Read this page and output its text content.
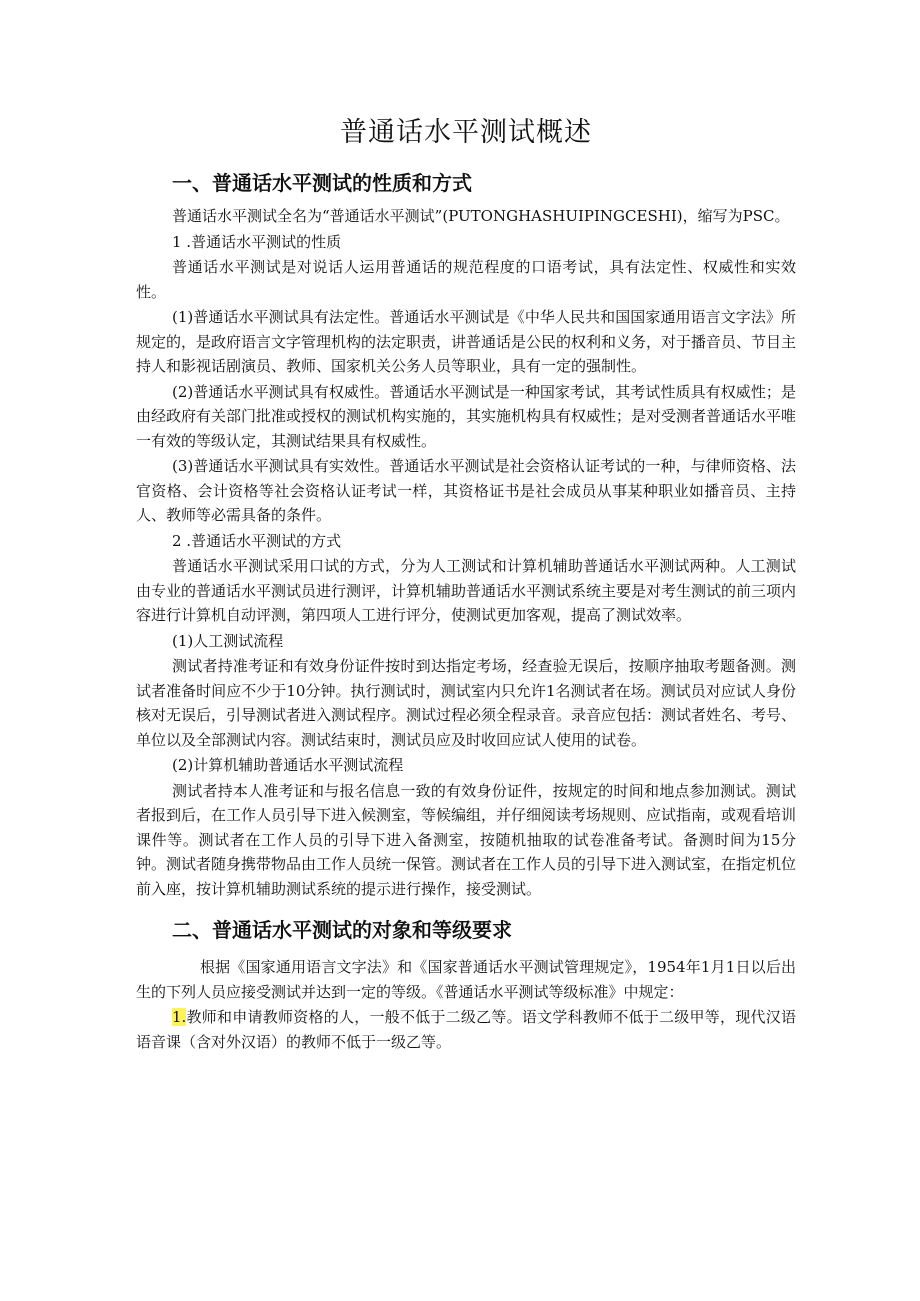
普通话水平测试概述
一、普通话水平测试的性质和方式

普通话水平测试全名为“普通话水平测试”(PUTONGHASHUIPINGCESHI)，缩写为PSC。

1 .普通话水平测试的性质

普通话水平测试是对说话人运用普通话的规范程度的口语考试，具有法定性、权威性和实效性。

(1)普通话水平测试具有法定性。普通话水平测试是《中华人民共和国国家通用语言文字法》所规定的，是政府语言文字管理机构的法定职责，讲普通话是公民的权利和义务，对于播音员、节目主持人和影视话剧演员、教师、国家机关公务人员等职业，具有一定的强制性。

(2)普通话水平测试具有权威性。普通话水平测试是一种国家考试，其考试性质具有权威性；是由经政府有关部门批准或授权的测试机构实施的，其实施机构具有权威性；是对受测者普通话水平唯一有效的等级认定，其测试结果具有权威性。

(3)普通话水平测试具有实效性。普通话水平测试是社会资格认证考试的一种，与律师资格、法官资格、会计资格等社会资格认证考试一样，其资格证书是社会成员从事某种职业如播音员、主持人、教师等必需具备的条件。

2 .普通话水平测试的方式

普通话水平测试采用口试的方式，分为人工测试和计算机辅助普通话水平测试两种。人工测试由专业的普通话水平测试员进行测评，计算机辅助普通话水平测试系统主要是对考生测试的前三项内容进行计算机自动评测，第四项人工进行评分，使测试更加客观，提高了测试效率。

(1)人工测试流程

测试者持准考证和有效身份证件按时到达指定考场，经查验无误后，按顺序抽取考题备测。测试者准备时间应不少于10分钟。执行测试时，测试室内只允许1名测试者在场。测试员对应试人身份核对无误后，引导测试者进入测试程序。测试过程必须全程录音。录音应包括：测试者姓名、考号、单位以及全部测试内容。测试结束时，测试员应及时收回应试人使用的试卷。

(2)计算机辅助普通话水平测试流程

测试者持本人准考证和与报名信息一致的有效身份证件，按规定的时间和地点参加测试。测试者报到后，在工作人员引导下进入候测室，等候编组，并仔细阅读考场规则、应试指南，或观看培训课件等。测试者在工作人员的引导下进入备测室，按随机抽取的试卷准备考试。备测时间为15分钟。测试者随身携带物品由工作人员统一保管。测试者在工作人员的引导下进入测试室，在指定机位前入座，按计算机辅助测试系统的提示进行操作，接受测试。

二、普通话水平测试的对象和等级要求

根据《国家通用语言文字法》和《国家普通话水平测试管理规定》，1954年1月1日以后出生的下列人员应接受测试并达到一定的等级。《普通话水平测试等级标准》中规定：

1.教师和申请教师资格的人，一般不低于二级乙等。语文学科教师不低于二级甲等，现代汉语语音课（含对外汉语）的教师不低于一级乙等。
